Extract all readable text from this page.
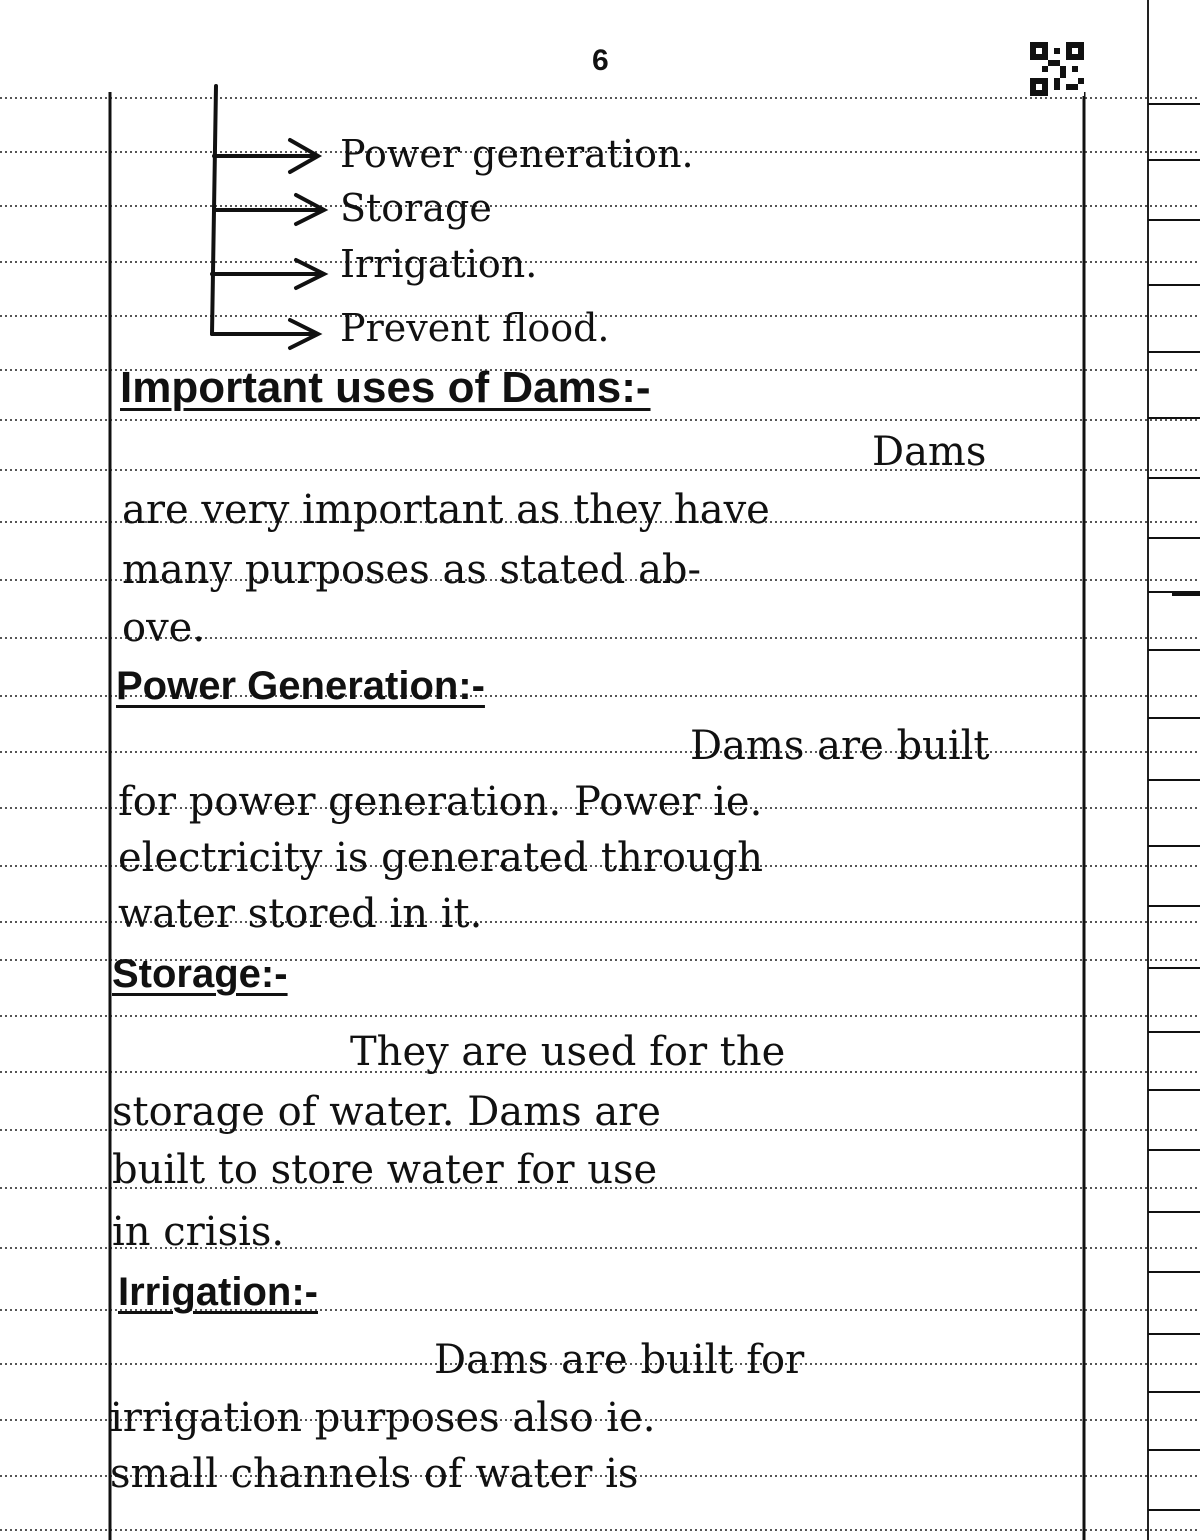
6
Power generation.
Storage
Irrigation.
Prevent flood.
Important uses of Dams:-

Dams

are very important as they have

many purposes as stated ab-

ove.

Power Generation:-

Dams are built

for power generation. Power ie.

electricity is generated through

water stored in it.

Storage:-

They are used for the

storage of water. Dams are

built to store water for use

in crisis.

Irrigation:-

Dams are built for

irrigation purposes also ie.

small channels of water is
